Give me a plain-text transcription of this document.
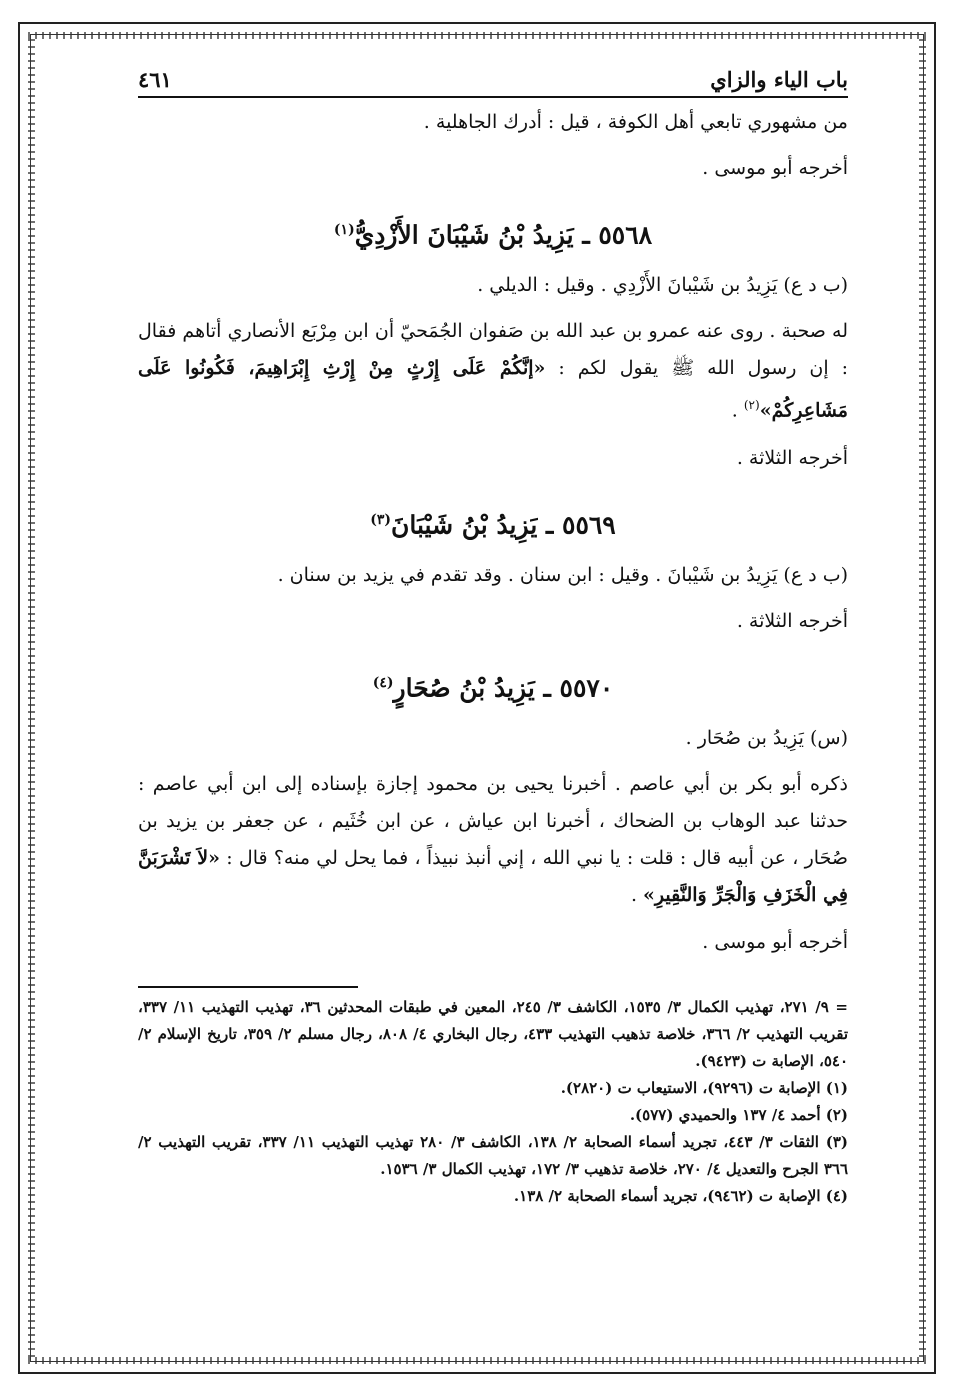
باب الياء والزاي
٤٦١

من مشهوري تابعي أهل الكوفة ، قيل : أدرك الجاهلية .

أخرجه أبو موسى .

٥٥٦٨ ـ يَزِيدُ بْنُ شَيْبَانَ الأَزْدِيُّ$^{(١)}$

(ب د ع) يَزِيدُ بن شَيْبانَ الأَزْدِي . وقيل : الديلي .

له صحبة . روى عنه عمرو بن عبد الله بن صَفوان الجُمَحيّ أن ابن مِرْبَع الأنصاري أتاهم فقال : إن رسول الله ﷺ يقول لكم : «إنَّكُمْ عَلَى إِرْثٍ مِنْ إِرْثِ إِبْرَاهِيمَ، فَكُونُوا عَلَى مَشَاعِرِكُمْ»$^{(٢)}$ .

أخرجه الثلاثة .

٥٥٦٩ ـ يَزِيدُ بْنُ شَيْبَانَ$^{(٣)}$

(ب د ع) يَزِيدُ بن شَيْبانَ . وقيل : ابن سنان . وقد تقدم في يزيد بن سنان .

أخرجه الثلاثة .

٥٥٧٠ ـ يَزِيدُ بْنُ صُحَارٍ$^{(٤)}$

(س) يَزِيدُ بن صُحَار .

ذكره أبو بكر بن أبي عاصم . أخبرنا يحيى بن محمود إجازة بإسناده إلى ابن أبي عاصم : حدثنا عبد الوهاب بن الضحاك ، أخبرنا ابن عياش ، عن ابن خُثَيم ، عن جعفر بن يزيد بن صُحَار ، عن أبيه قال : قلت : يا نبي الله ، إني أنبذ نبيذاً ، فما يحل لي منه؟ قال : «لاَ تَشْرَبَنَّ فِي الْخَزَفِ وَالْجَرِّ وَالنَّقِيرِ» .

أخرجه أبو موسى .

= ٩/ ٢٧١، تهذيب الكمال ٣/ ١٥٣٥، الكاشف ٣/ ٢٤٥، المعين في طبقات المحدثين ٣٦، تهذيب التهذيب ١١/ ٣٣٧، تقريب التهذيب ٢/ ٣٦٦، خلاصة تذهيب التهذيب ٤٣٣، رجال البخاري ٤/ ٨٠٨، رجال مسلم ٢/ ٣٥٩، تاريخ الإسلام ٢/ ٥٤٠، الإصابة ت (٩٤٢٣).

(١) الإصابة ت (٩٢٩٦)، الاستيعاب ت (٢٨٢٠).

(٢) أحمد ٤/ ١٣٧ والحميدي (٥٧٧).

(٣) الثقات ٣/ ٤٤٣، تجريد أسماء الصحابة ٢/ ١٣٨، الكاشف ٣/ ٢٨٠ تهذيب التهذيب ١١/ ٣٣٧، تقريب التهذيب ٢/ ٣٦٦ الجرح والتعديل ٤/ ٢٧٠، خلاصة تذهيب ٣/ ١٧٢، تهذيب الكمال ٣/ ١٥٣٦.

(٤) الإصابة ت (٩٤٦٢)، تجريد أسماء الصحابة ٢/ ١٣٨.
